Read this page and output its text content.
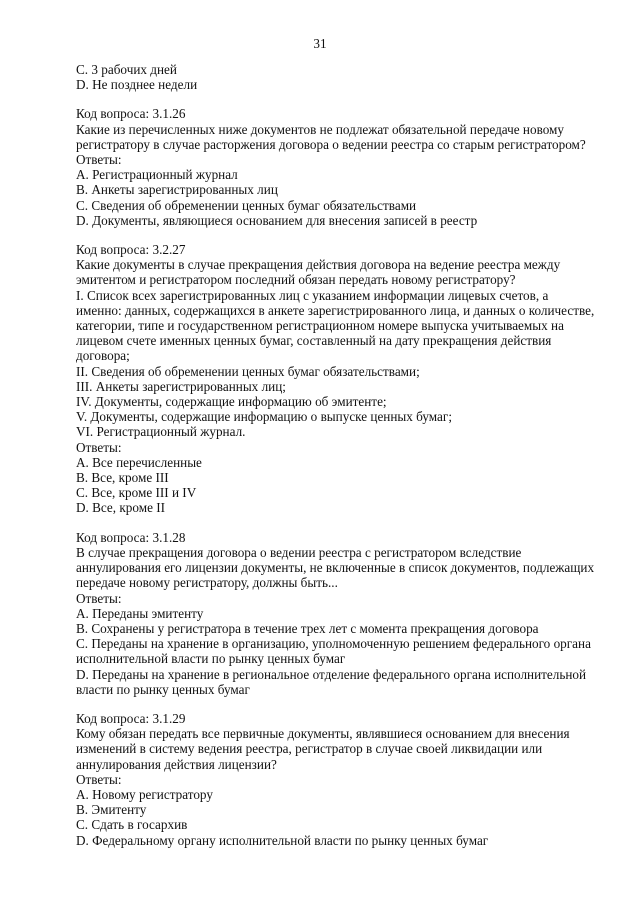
31
С. 3 рабочих дней
D. Не позднее недели
Код вопроса: 3.1.26
Какие из перечисленных ниже документов не подлежат обязательной передаче новому
регистратору в случае расторжения договора о ведении реестра со старым регистратором?
Ответы:
А. Регистрационный журнал
В. Анкеты зарегистрированных лиц
С. Сведения об обременении ценных бумаг обязательствами
D. Документы, являющиеся основанием для внесения записей в реестр
Код вопроса: 3.2.27
Какие документы в случае прекращения действия договора на ведение реестра между
эмитентом и регистратором последний обязан передать новому регистратору?
I. Список всех зарегистрированных лиц с указанием информации лицевых счетов, а
именно: данных, содержащихся в анкете зарегистрированного лица, и данных о количестве,
категории, типе и государственном регистрационном номере выпуска учитываемых на
лицевом счете именных ценных бумаг, составленный на дату прекращения действия
договора;
II. Сведения об обременении ценных бумаг обязательствами;
III. Анкеты зарегистрированных лиц;
IV. Документы, содержащие информацию об эмитенте;
V. Документы, содержащие информацию о выпуске ценных бумаг;
VI. Регистрационный журнал.
Ответы:
А. Все перечисленные
В. Все, кроме III
С. Все, кроме III и IV
D. Все, кроме II
Код вопроса: 3.1.28
В случае прекращения договора о ведении реестра с регистратором вследствие
аннулирования его лицензии документы, не включенные в список документов, подлежащих
передаче новому регистратору, должны быть...
Ответы:
А. Переданы эмитенту
В. Сохранены у регистратора в течение трех лет с момента прекращения договора
С. Переданы на хранение в организацию, уполномоченную решением федерального органа
исполнительной власти по рынку ценных бумаг
D. Переданы на хранение в региональное отделение федерального органа исполнительной
власти по рынку ценных бумаг
Код вопроса: 3.1.29
Кому обязан передать все первичные документы, являвшиеся основанием для внесения
изменений в систему ведения реестра, регистратор в случае своей ликвидации или
аннулирования действия лицензии?
Ответы:
А. Новому регистратору
В. Эмитенту
С. Сдать в госархив
D. Федеральному органу исполнительной власти по рынку ценных бумаг
